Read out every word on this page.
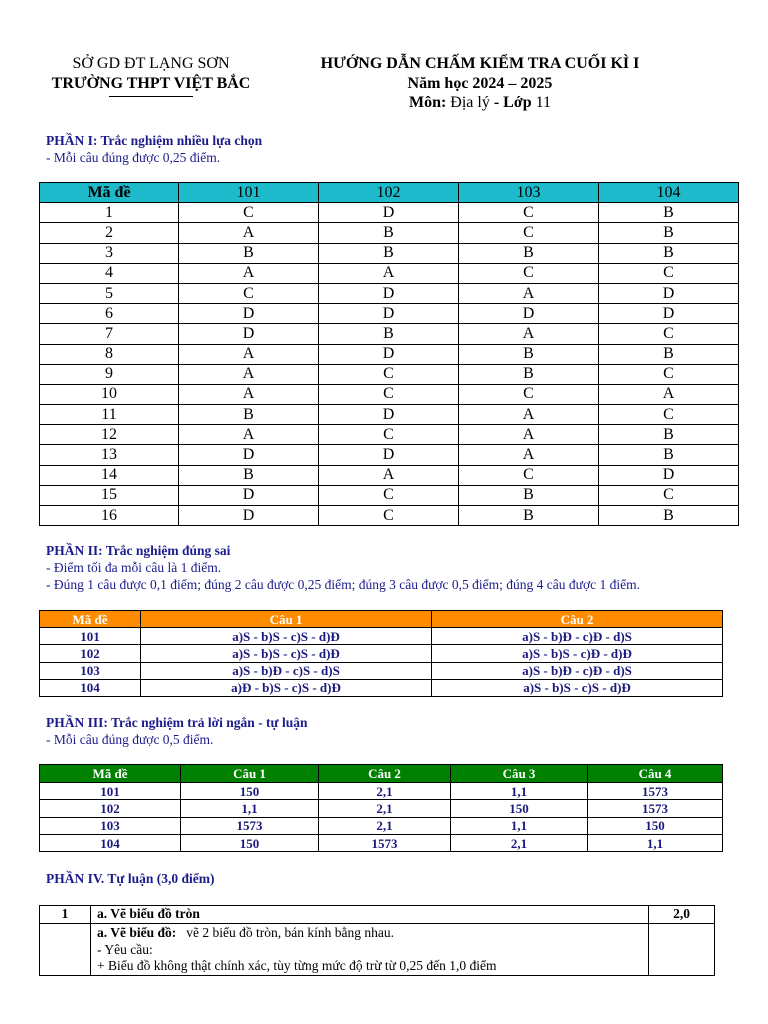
SỞ GD ĐT LẠNG SƠN
TRƯỜNG THPT VIỆT BẮC
HƯỚNG DẪN CHẤM KIỂM TRA CUỐI KÌ I
Năm học 2024 – 2025
Môn: Địa lý - Lớp 11
PHẦN I: Trắc nghiệm nhiều lựa chọn
- Mỗi câu đúng được 0,25 điểm.
Mã đề	101	102	103	104
1	C	D	C	B
2	A	B	C	B
3	B	B	B	B
4	A	A	C	C
5	C	D	A	D
6	D	D	D	D
7	D	B	A	C
8	A	D	B	B
9	A	C	B	C
10	A	C	C	A
11	B	D	A	C
12	A	C	A	B
13	D	D	A	B
14	B	A	C	D
15	D	C	B	C
16	D	C	B	B
PHẦN II: Trắc nghiệm đúng sai
- Điểm tối đa mỗi câu là 1 điểm.
- Đúng 1 câu được 0,1 điểm; đúng 2 câu được 0,25 điểm; đúng 3 câu được 0,5 điểm; đúng 4 câu được 1 điểm.
Mã đề	Câu 1	Câu 2
101	a)S - b)S - c)S - d)Đ	a)S - b)Đ - c)Đ - d)S
102	a)S - b)S - c)S - d)Đ	a)S - b)S - c)Đ - d)Đ
103	a)S - b)Đ - c)S - d)S	a)S - b)Đ - c)Đ - d)S
104	a)Đ - b)S - c)S - d)Đ	a)S - b)S - c)S - d)Đ
PHẦN III: Trắc nghiệm trả lời ngắn - tự luận
- Mỗi câu đúng được 0,5 điểm.
Mã đề	Câu 1	Câu 2	Câu 3	Câu 4
101	150	2,1	1,1	1573
102	1,1	2,1	150	1573
103	1573	2,1	1,1	150
104	150	1573	2,1	1,1
PHẦN IV. Tự luận (3,0 điểm)
1	a. Vẽ biểu đồ tròn	2,0

	a. Vẽ biểu đồ: vẽ 2 biểu đồ tròn, bán kính bằng nhau.
- Yêu cầu:
+ Biểu đồ không thật chính xác, tùy từng mức độ trừ từ 0,25 đến 1,0 điểm	
